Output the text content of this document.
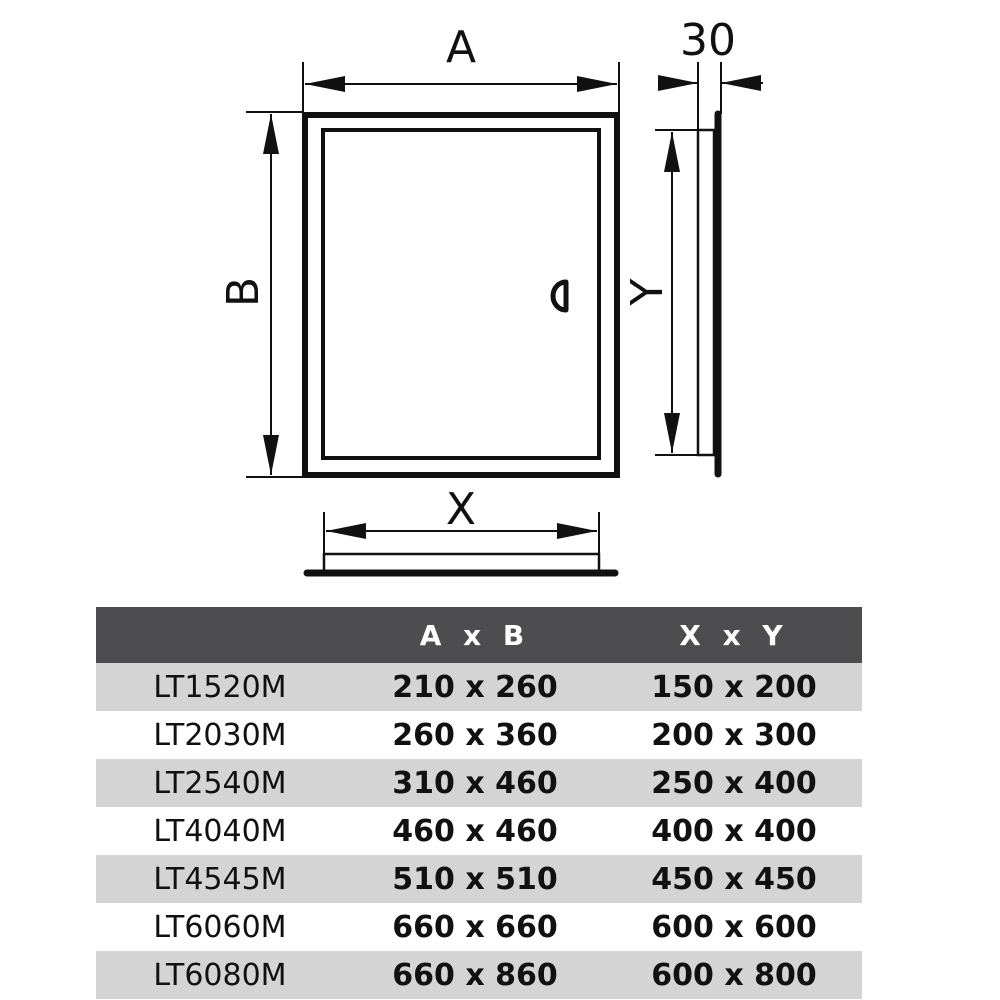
A
B
30
Y
X
	A x B	X x Y
LT1520M	210 x 260	150 x 200
LT2030M	260 x 360	200 x 300
LT2540M	310 x 460	250 x 400
LT4040M	460 x 460	400 x 400
LT4545M	510 x 510	450 x 450
LT6060M	660 x 660	600 x 600
LT6080M	660 x 860	600 x 800
